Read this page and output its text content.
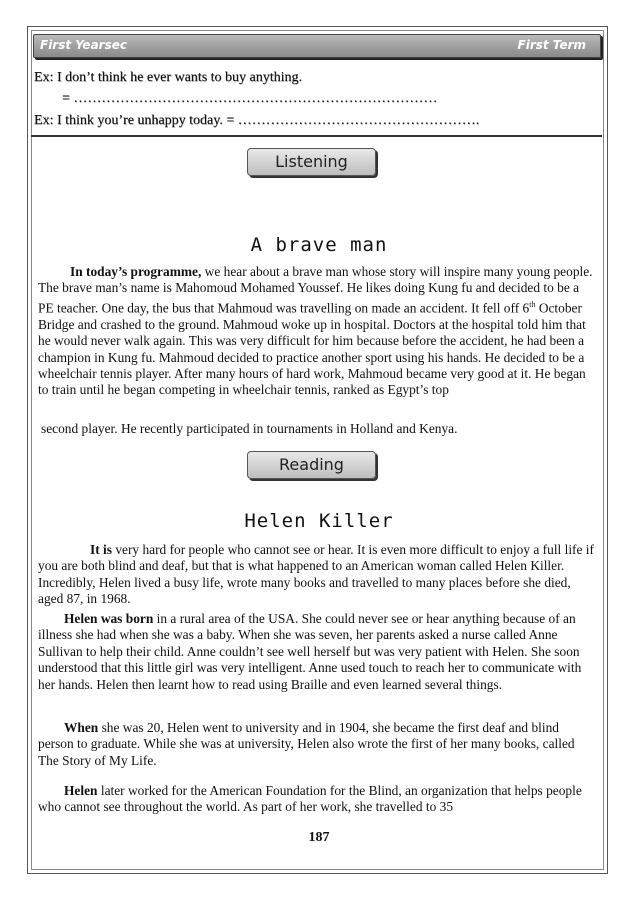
First Yearsec	First Term
Ex: I don’t think he ever wants to buy anything.
= ……………………………………………………………………
Ex: I think you’re unhappy today. = …………………………………………….
Listening
A brave man
In today’s programme, we hear about a brave man whose story will inspire many young people. The brave man’s name is Mahomoud Mohamed Youssef. He likes doing Kung fu and decided to be a PE teacher. One day, the bus that Mahmoud was travelling on made an accident. It fell off 6th October Bridge and crashed to the ground. Mahmoud woke up in hospital. Doctors at the hospital told him that he would never walk again. This was very difficult for him because before the accident, he had been a champion in Kung fu. Mahmoud decided to practice another sport using his hands. He decided to be a wheelchair tennis player. After many hours of hard work, Mahmoud became very good at it. He began to train until he began competing in wheelchair tennis, ranked as Egypt’s top
second player. He recently participated in tournaments in Holland and Kenya.
Reading
Helen Killer
It is very hard for people who cannot see or hear. It is even more difficult to enjoy a full life if you are both blind and deaf, but that is what happened to an American woman called Helen Killer. Incredibly, Helen lived a busy life, wrote many books and travelled to many places before she died, aged 87, in 1968.
Helen was born in a rural area of the USA. She could never see or hear anything because of an illness she had when she was a baby. When she was seven, her parents asked a nurse called Anne Sullivan to help their child. Anne couldn’t see well herself but was very patient with Helen. She soon understood that this little girl was very intelligent. Anne used touch to reach her to communicate with her hands. Helen then learnt how to read using Braille and even learned several things.
When she was 20, Helen went to university and in 1904, she became the first deaf and blind person to graduate. While she was at university, Helen also wrote the first of her many books, called The Story of My Life.
Helen later worked for the American Foundation for the Blind, an organization that helps people who cannot see throughout the world. As part of her work, she travelled to 35
187
